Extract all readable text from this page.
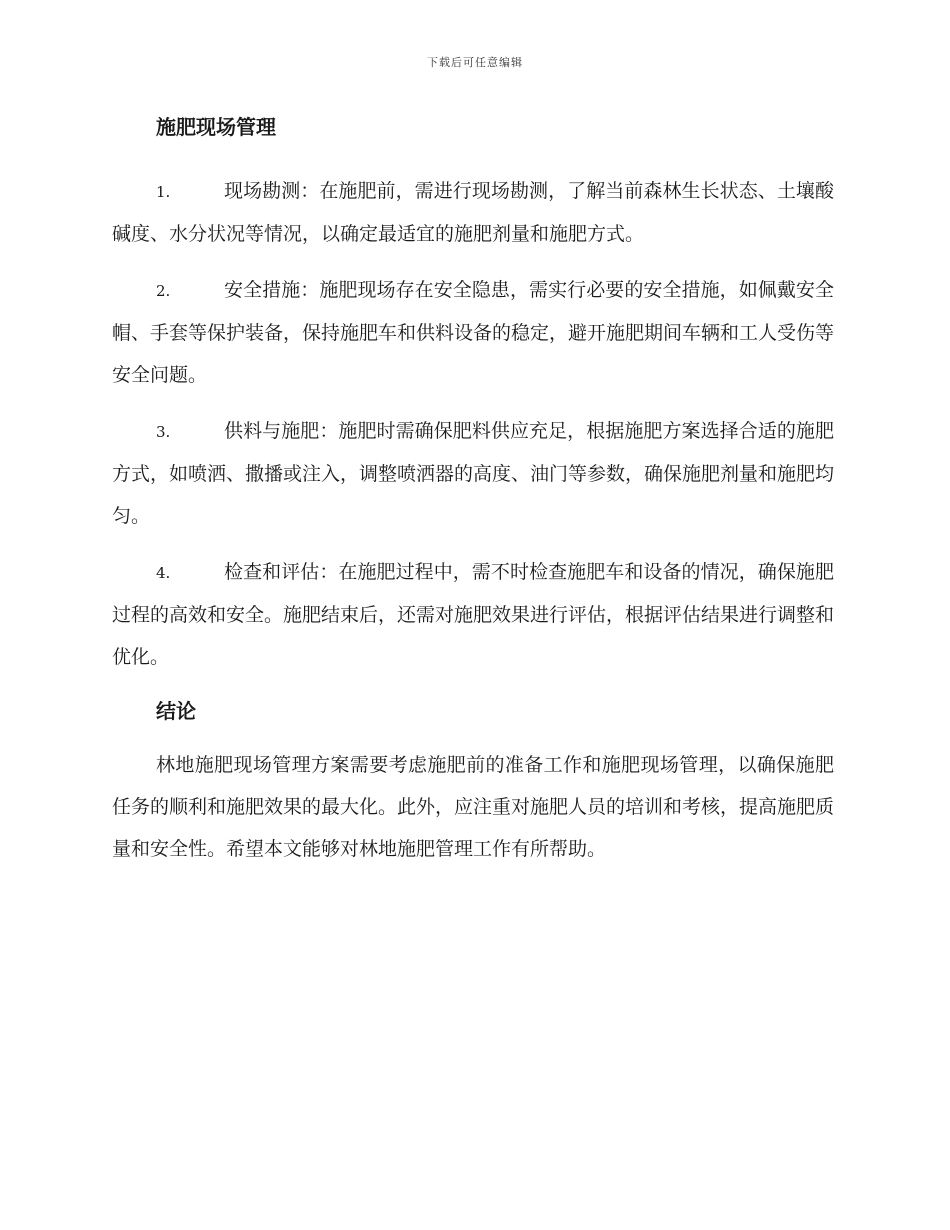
下载后可任意编辑
施肥现场管理

1.	现场勘测：在施肥前，需进行现场勘测，了解当前森林生长状态、土壤酸碱度、水分状况等情况，以确定最适宜的施肥剂量和施肥方式。

2.	安全措施：施肥现场存在安全隐患，需实行必要的安全措施，如佩戴安全帽、手套等保护装备，保持施肥车和供料设备的稳定，避开施肥期间车辆和工人受伤等安全问题。

3.	供料与施肥：施肥时需确保肥料供应充足，根据施肥方案选择合适的施肥方式，如喷洒、撒播或注入，调整喷洒器的高度、油门等参数，确保施肥剂量和施肥均匀。

4.	检查和评估：在施肥过程中，需不时检查施肥车和设备的情况，确保施肥过程的高效和安全。施肥结束后，还需对施肥效果进行评估，根据评估结果进行调整和优化。

结论

林地施肥现场管理方案需要考虑施肥前的准备工作和施肥现场管理，以确保施肥任务的顺利和施肥效果的最大化。此外，应注重对施肥人员的培训和考核，提高施肥质量和安全性。希望本文能够对林地施肥管理工作有所帮助。
